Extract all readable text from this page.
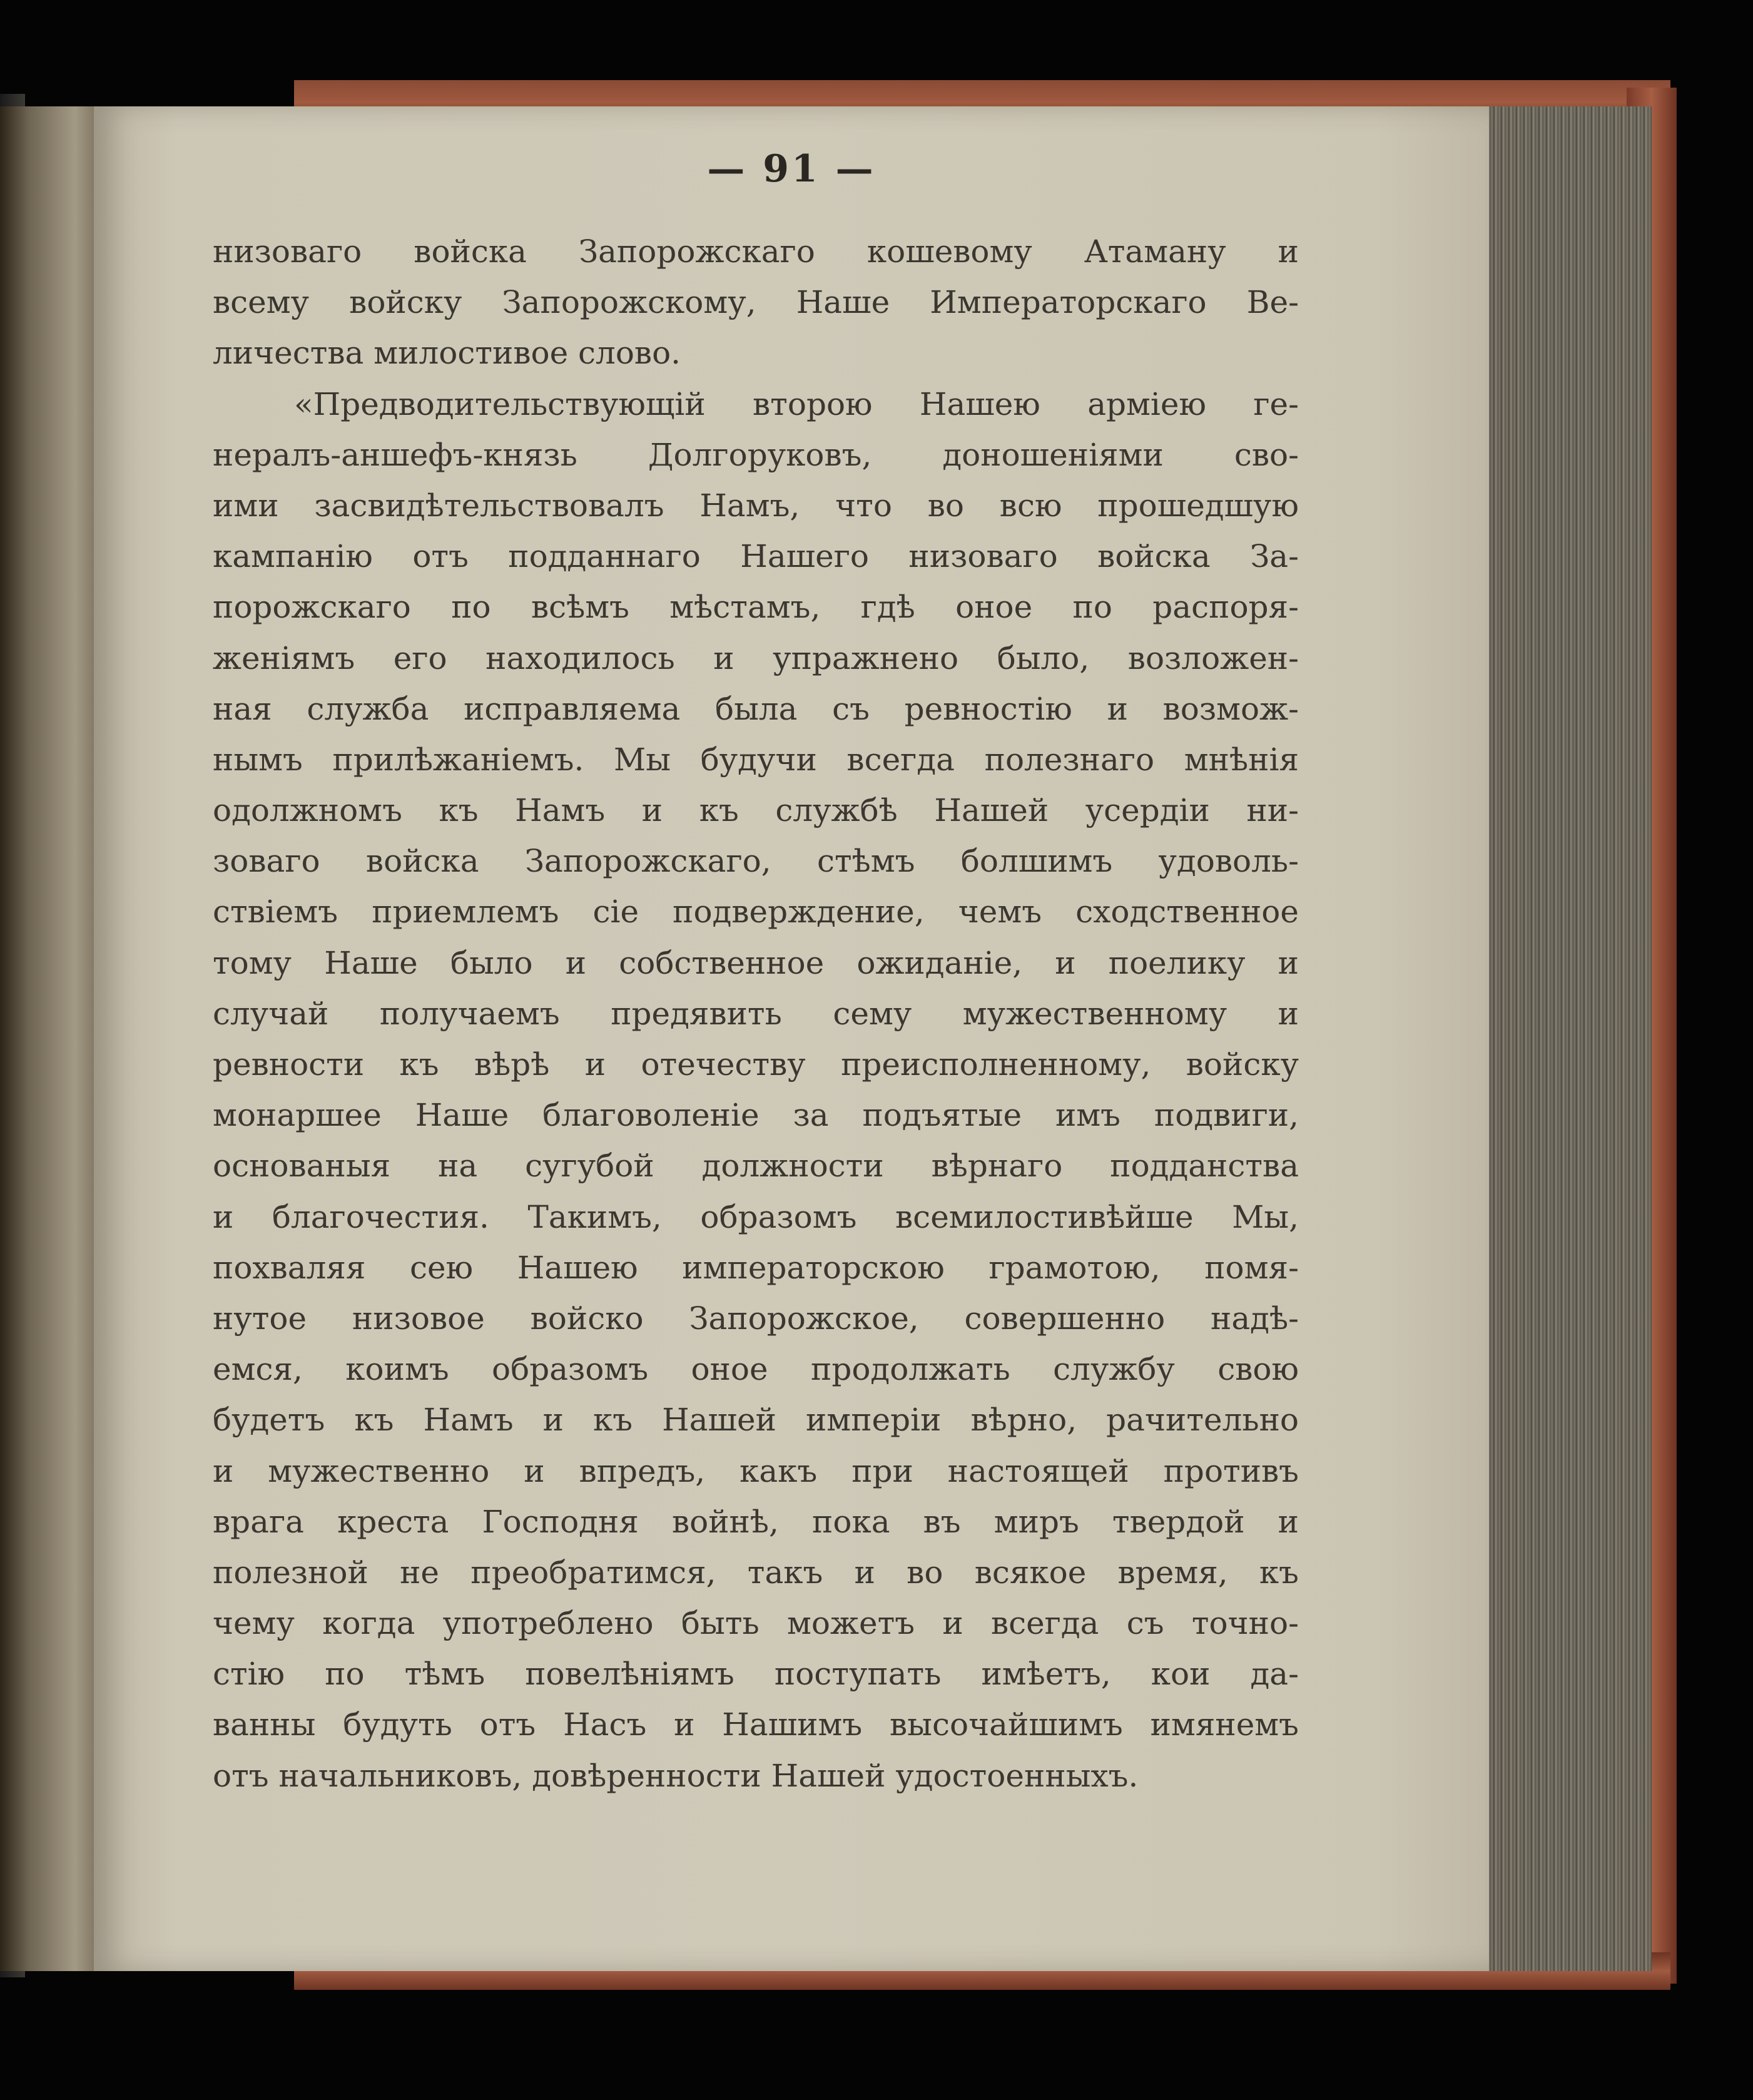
— 91 —
низоваго войска Запорожскаго кошевому Атаману и
всему войску Запорожскому, Наше Императорскаго Ве-
личества милостивое слово.
«Предводительствующій второю Нашею арміею ге-
нералъ-аншефъ-князь Долгоруковъ, доношеніями сво-
ими засвидѣтельствовалъ Намъ, что во всю прошедшую
кампанію отъ подданнаго Нашего низоваго войска За-
порожскаго по всѣмъ мѣстамъ, гдѣ оное по распоря-
женіямъ его находилось и упражнено было, возложен-
ная служба исправляема была съ ревностію и возмож-
нымъ прилѣжаніемъ. Мы будучи всегда полезнаго мнѣнія
одолжномъ къ Намъ и къ службѣ Нашей усердіи ни-
зоваго войска Запорожскаго, стѣмъ болшимъ удоволь-
ствіемъ приемлемъ сіе подверждение, чемъ сходственное
тому Наше было и собственное ожиданіе, и поелику и
случай получаемъ предявить сему мужественному и
ревности къ вѣрѣ и отечеству преисполненному, войску
монаршее Наше благоволеніе за подъятые имъ подвиги,
основаныя на сугубой должности вѣрнаго подданства
и благочестия. Такимъ, образомъ всемилостивѣйше Мы,
похваляя сею Нашею императорскою грамотою, помя-
нутое низовое войско Запорожское, совершенно надѣ-
емся, коимъ образомъ оное продолжать службу свою
будетъ къ Намъ и къ Нашей имперіи вѣрно, рачительно
и мужественно и впредъ, какъ при настоящей противъ
врага креста Господня войнѣ, пока въ миръ твердой и
полезной не преобратимся, такъ и во всякое время, къ
чему когда употреблено быть можетъ и всегда съ точно-
стію по тѣмъ повелѣніямъ поступать имѣетъ, кои да-
ванны будуть отъ Насъ и Нашимъ высочайшимъ имянемъ
отъ начальниковъ, довѣренности Нашей удостоенныхъ.
